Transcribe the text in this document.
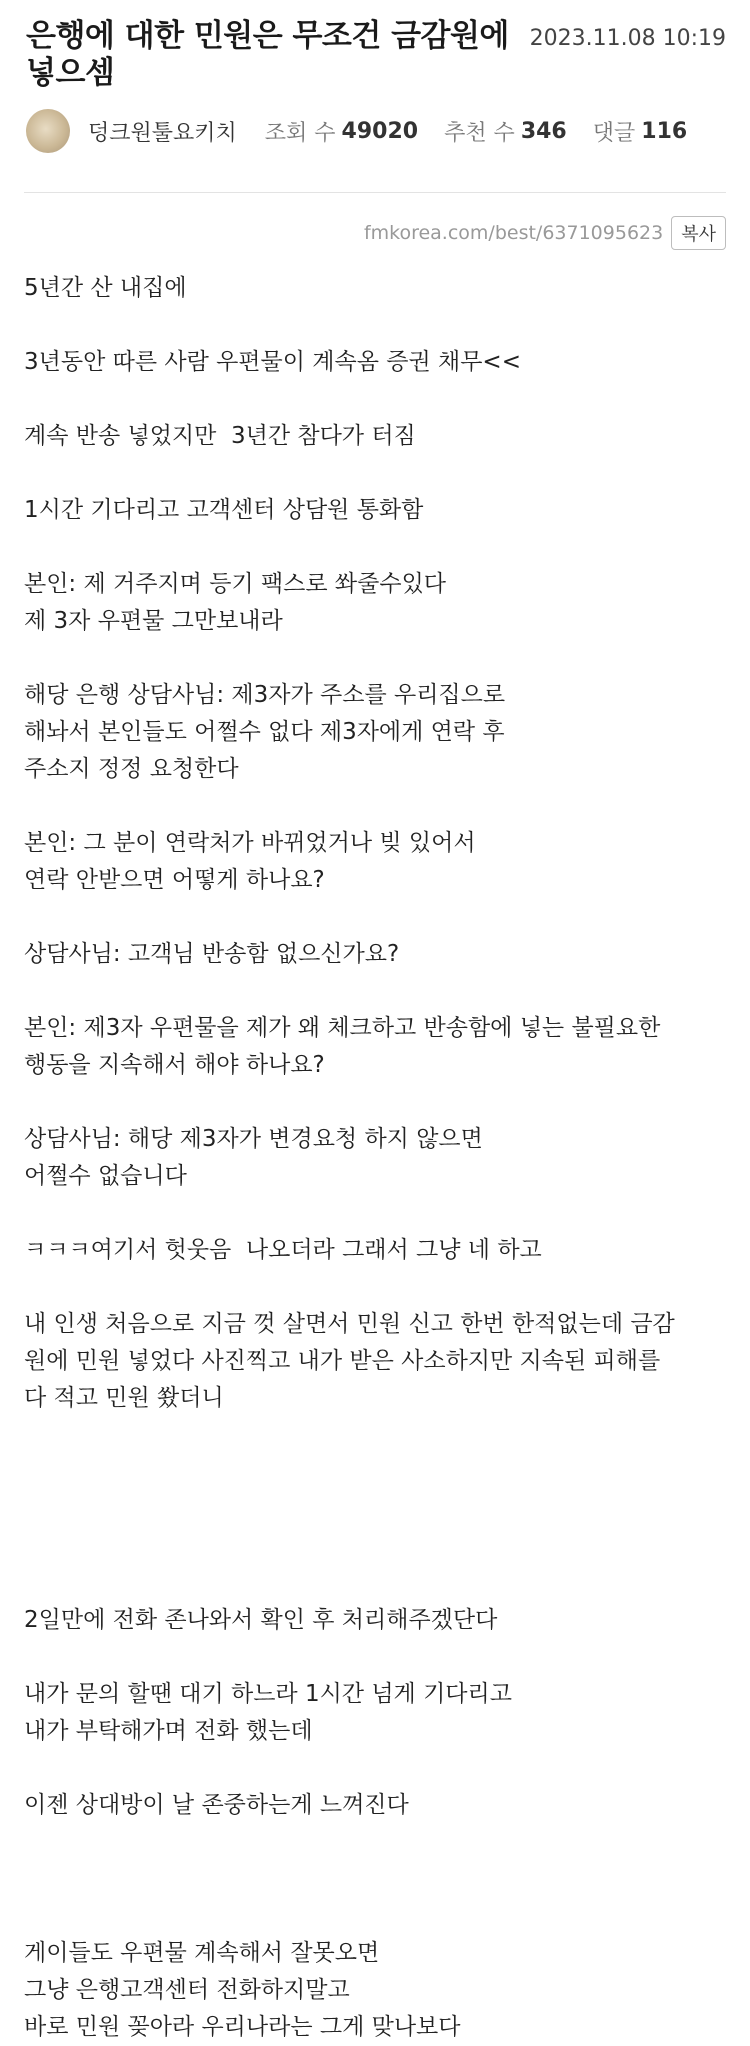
은행에 대한 민원은 무조건 금감원에 넣으셈
2023.11.08 10:19
덩크원툴요키치 조회 수 49020 추천 수 346 댓글 116
fmkorea.com/best/6371095623	복사

5년간 산 내집에

3년동안 따른 사람 우편물이 계속옴 증권 채무<<

계속 반송 넣었지만  3년간 참다가 터짐

1시간 기다리고 고객센터 상담원 통화함

본인: 제 거주지며 등기 팩스로 쏴줄수있다
제 3자 우편물 그만보내라

해당 은행 상담사님: 제3자가 주소를 우리집으로
해놔서 본인들도 어쩔수 없다 제3자에게 연락 후
주소지 정정 요청한다

본인: 그 분이 연락처가 바뀌었거나 빚 있어서
연락 안받으면 어떻게 하나요?

상담사님: 고객님 반송함 없으신가요?

본인: 제3자 우편물을 제가 왜 체크하고 반송함에 넣는 불필요한
행동을 지속해서 해야 하나요?

상담사님: 해당 제3자가 변경요청 하지 않으면
어쩔수 없습니다

ㅋㅋㅋ여기서 헛웃음  나오더라 그래서 그냥 네 하고

내 인생 처음으로 지금 껏 살면서 민원 신고 한번 한적없는데 금감
원에 민원 넣었다 사진찍고 내가 받은 사소하지만 지속된 피해를
다 적고 민원 쐈더니

2일만에 전화 존나와서 확인 후 처리해주겠단다

내가 문의 할땐 대기 하느라 1시간 넘게 기다리고
내가 부탁해가며 전화 했는데

이젠 상대방이 날 존중하는게 느껴진다

게이들도 우편물 계속해서 잘못오면
그냥 은행고객센터 전화하지말고
바로 민원 꽂아라 우리나라는 그게 맞나보다
